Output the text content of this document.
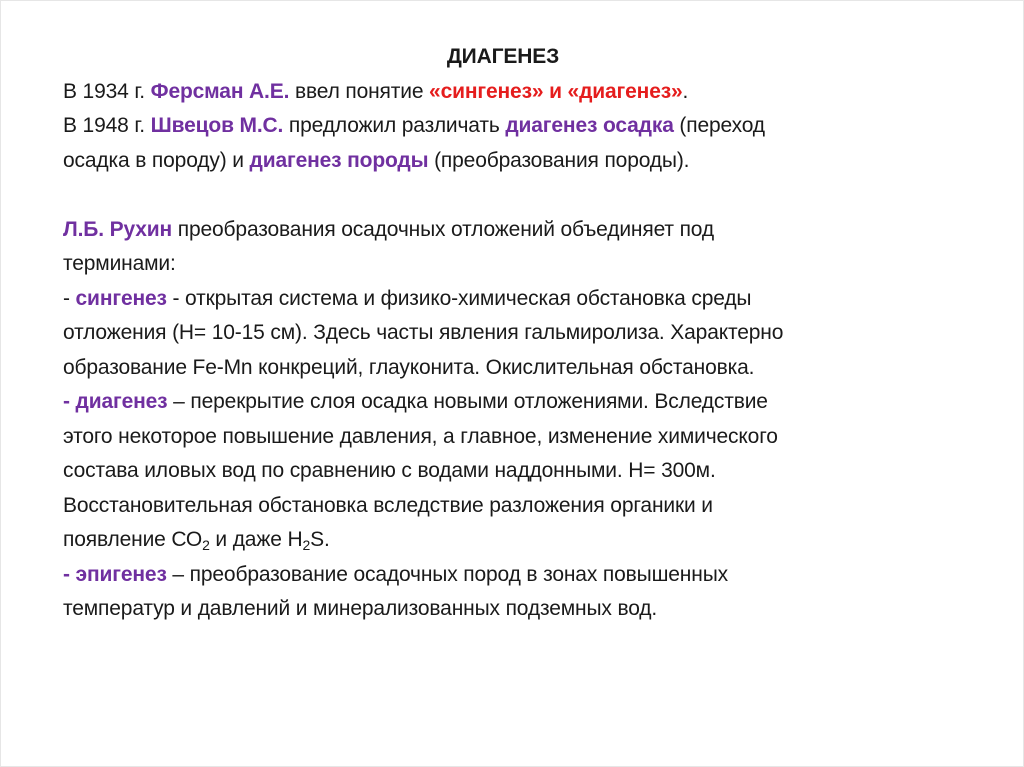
ДИАГЕНЕЗ
В 1934 г. Ферсман А.Е. ввел понятие «сингенез» и «диагенез».
В 1948 г. Швецов М.С. предложил различать диагенез осадка (переход
осадка в породу) и диагенез породы (преобразования породы).
Л.Б. Рухин преобразования осадочных отложений объединяет под
терминами:
- сингенез - открытая система и физико-химическая обстановка среды
отложения (Н= 10-15 см). Здесь часты явления гальмиролиза. Характерно
образование Fe-Mn конкреций, глауконита. Окислительная обстановка.
- диагенез – перекрытие слоя осадка новыми отложениями. Вследствие
этого некоторое повышение давления, а главное, изменение химического
состава иловых вод по сравнению с водами наддонными. Н= 300м.
Восстановительная обстановка вследствие разложения органики и
появление $СО_2$ и даже $Н_2S$.
- эпигенез – преобразование осадочных пород в зонах повышенных
температур и давлений и минерализованных подземных вод.
